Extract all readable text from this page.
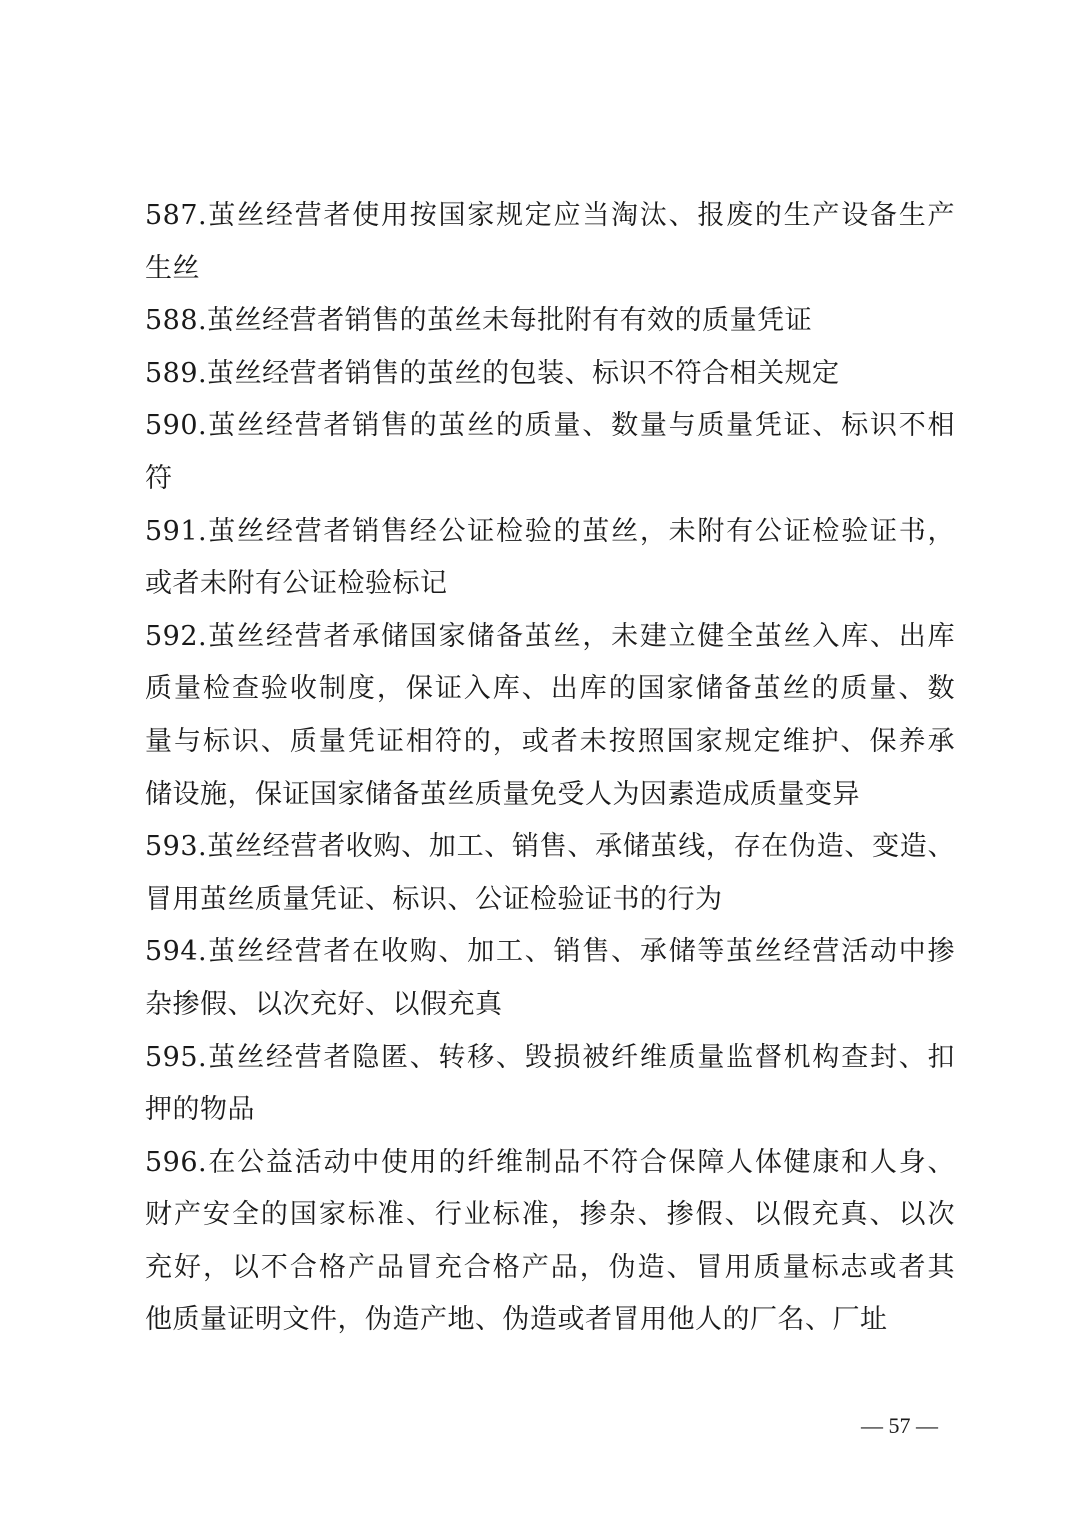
587.茧丝经营者使用按国家规定应当淘汰、报废的生产设备生产
生丝
588.茧丝经营者销售的茧丝未每批附有有效的质量凭证
589.茧丝经营者销售的茧丝的包装、标识不符合相关规定
590.茧丝经营者销售的茧丝的质量、数量与质量凭证、标识不相
符
591.茧丝经营者销售经公证检验的茧丝，未附有公证检验证书，
或者未附有公证检验标记
592.茧丝经营者承储国家储备茧丝，未建立健全茧丝入库、出库
质量检查验收制度，保证入库、出库的国家储备茧丝的质量、数
量与标识、质量凭证相符的，或者未按照国家规定维护、保养承
储设施，保证国家储备茧丝质量免受人为因素造成质量变异
593.茧丝经营者收购、加工、销售、承储茧线，存在伪造、变造、
冒用茧丝质量凭证、标识、公证检验证书的行为
594.茧丝经营者在收购、加工、销售、承储等茧丝经营活动中掺
杂掺假、以次充好、以假充真
595.茧丝经营者隐匿、转移、毁损被纤维质量监督机构查封、扣
押的物品
596.在公益活动中使用的纤维制品不符合保障人体健康和人身、
财产安全的国家标准、行业标准，掺杂、掺假、以假充真、以次
充好，以不合格产品冒充合格产品，伪造、冒用质量标志或者其
他质量证明文件，伪造产地、伪造或者冒用他人的厂名、厂址
— 57 —
